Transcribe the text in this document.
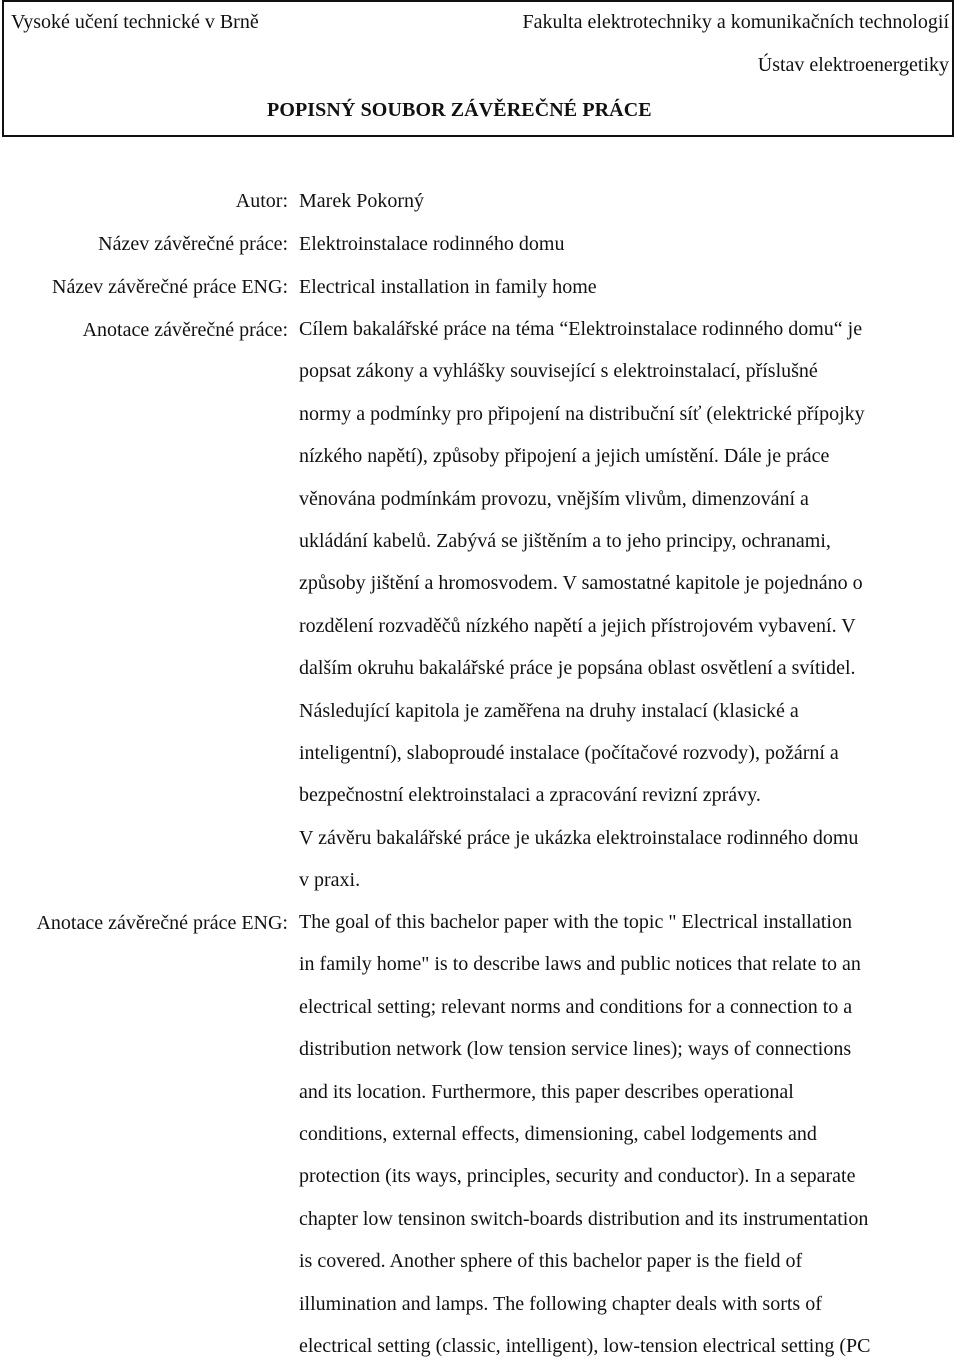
Vysoké učení technické v Brně	Fakulta elektrotechniky a komunikačních technologií
Ústav elektroenergetiky
POPISNÝ SOUBOR ZÁVĚREČNÉ PRÁCE
Autor: Marek Pokorný
Název závěrečné práce: Elektroinstalace rodinného domu
Název závěrečné práce ENG: Electrical installation in family home
Anotace závěrečné práce: Cílem bakalářské práce na téma “Elektroinstalace rodinného domu“ je
popsat zákony a vyhlášky související s elektroinstalací, příslušné
normy a podmínky pro připojení na distribuční síť (elektrické přípojky
nízkého napětí), způsoby připojení a jejich umístění. Dále je práce
věnována podmínkám provozu, vnějším vlivům, dimenzování a
ukládání kabelů. Zabývá se jištěním a to jeho principy, ochranami,
způsoby jištění a hromosvodem. V samostatné kapitole je pojednáno o
rozdělení rozvaděčů nízkého napětí a jejich přístrojovém vybavení. V
dalším okruhu bakalářské práce je popsána oblast osvětlení a svítidel.
Následující kapitola je zaměřena na druhy instalací (klasické a
inteligentní), slaboproudé instalace (počítačové rozvody), požární a
bezpečnostní elektroinstalaci a zpracování revizní zprávy.
V závěru bakalářské práce je ukázka elektroinstalace rodinného domu
v praxi.
Anotace závěrečné práce ENG: The goal of this bachelor paper with the topic " Electrical installation
in family home" is to describe laws and public notices that relate to an
electrical setting; relevant norms and conditions for a connection to a
distribution network (low tension service lines); ways of connections
and its location. Furthermore, this paper describes operational
conditions, external effects, dimensioning, cabel lodgements and
protection (its ways, principles, security and conductor). In a separate
chapter low tensinon switch-boards distribution and its instrumentation
is covered. Another sphere of this bachelor paper is the field of
illumination and lamps. The following chapter deals with sorts of
electrical setting (classic, intelligent), low-tension electrical setting (PC
